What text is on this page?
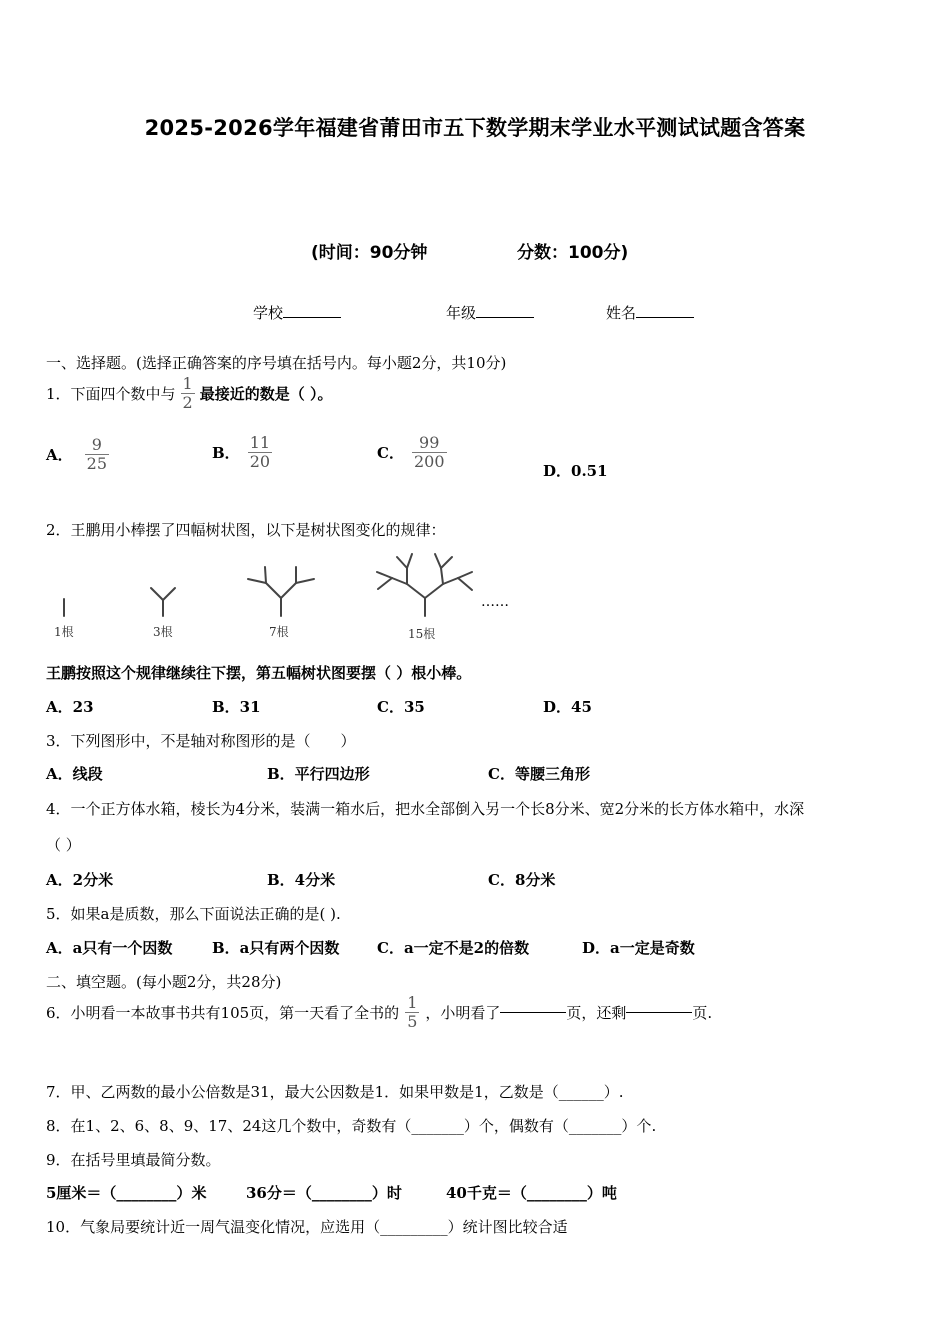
2025-2026学年福建省莆田市五下数学期末学业水平测试试题含答案
(时间：90分钟	分数：100分)
学校	年级	姓名
一、选择题。(选择正确答案的序号填在括号内。每小题2分，共10分)
1．下面四个数中与 $\frac{1}{2}$ 最接近的数是（ ）。
A． $\frac{9}{25}$	B． $\frac{11}{20}$	C． $\frac{99}{200}$	D．0.51
2．王鹏用小棒摆了四幅树状图，以下是树状图变化的规律：
1根	3根	7根	15根
……
王鹏按照这个规律继续往下摆，第五幅树状图要摆（ ）根小棒。
A．23	B．31	C．35	D．45
3．下列图形中，不是轴对称图形的是（　　）
A．线段	B．平行四边形	C．等腰三角形
4．一个正方体水箱，棱长为4分米，装满一箱水后，把水全部倒入另一个长8分米、宽2分米的长方体水箱中，水深
（ ）
A．2分米	B．4分米	C．8分米
5．如果a是质数，那么下面说法正确的是( ).
A．a只有一个因数	B．a只有两个因数	C．a一定不是2的倍数	D．a一定是奇数
二、填空题。(每小题2分，共28分)
6．小明看一本故事书共有105页，第一天看了全书的 $\frac{1}{5}$ ，小明看了	页，还剩	页.
7．甲、乙两数的最小公倍数是31，最大公因数是1．如果甲数是1，乙数是（______）.
8．在1、2、6、8、9、17、24这几个数中，奇数有（_______）个，偶数有（_______）个.
9．在括号里填最简分数。
5厘米＝（________）米	36分＝（________）时	40千克＝（________）吨
10．气象局要统计近一周气温变化情况，应选用（_________）统计图比较合适
